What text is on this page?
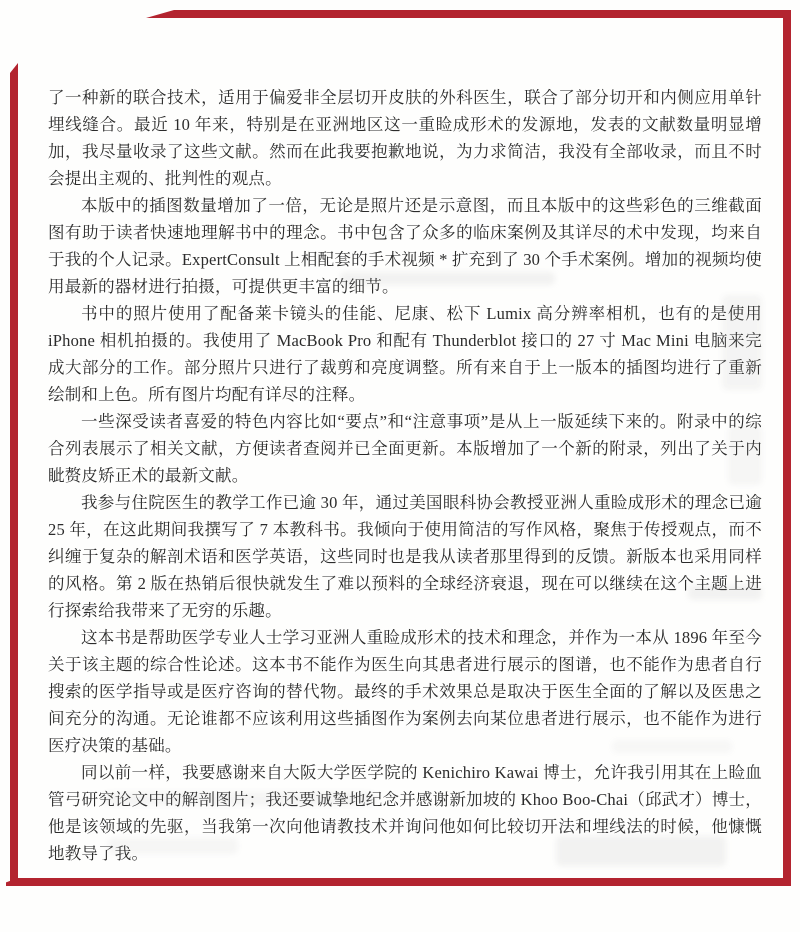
了一种新的联合技术，适用于偏爱非全层切开皮肤的外科医生，联合了部分切开和内侧应用单针埋线缝合。最近 10 年来，特别是在亚洲地区这一重睑成形术的发源地，发表的文献数量明显增加，我尽量收录了这些文献。然而在此我要抱歉地说，为力求简洁，我没有全部收录，而且不时会提出主观的、批判性的观点。

本版中的插图数量增加了一倍，无论是照片还是示意图，而且本版中的这些彩色的三维截面图有助于读者快速地理解书中的理念。书中包含了众多的临床案例及其详尽的术中发现，均来自于我的个人记录。ExpertConsult 上相配套的手术视频 * 扩充到了 30 个手术案例。增加的视频均使用最新的器材进行拍摄，可提供更丰富的细节。

书中的照片使用了配备莱卡镜头的佳能、尼康、松下 Lumix 高分辨率相机，也有的是使用 iPhone 相机拍摄的。我使用了 MacBook Pro 和配有 Thunderblot 接口的 27 寸 Mac Mini 电脑来完成大部分的工作。部分照片只进行了裁剪和亮度调整。所有来自于上一版本的插图均进行了重新绘制和上色。所有图片均配有详尽的注释。

一些深受读者喜爱的特色内容比如“要点”和“注意事项”是从上一版延续下来的。附录中的综合列表展示了相关文献，方便读者查阅并已全面更新。本版增加了一个新的附录，列出了关于内眦赘皮矫正术的最新文献。

我参与住院医生的教学工作已逾 30 年，通过美国眼科协会教授亚洲人重睑成形术的理念已逾 25 年，在这此期间我撰写了 7 本教科书。我倾向于使用简洁的写作风格，聚焦于传授观点，而不纠缠于复杂的解剖术语和医学英语，这些同时也是我从读者那里得到的反馈。新版本也采用同样的风格。第 2 版在热销后很快就发生了难以预料的全球经济衰退，现在可以继续在这个主题上进行探索给我带来了无穷的乐趣。

这本书是帮助医学专业人士学习亚洲人重睑成形术的技术和理念，并作为一本从 1896 年至今关于该主题的综合性论述。这本书不能作为医生向其患者进行展示的图谱，也不能作为患者自行搜索的医学指导或是医疗咨询的替代物。最终的手术效果总是取决于医生全面的了解以及医患之间充分的沟通。无论谁都不应该利用这些插图作为案例去向某位患者进行展示，也不能作为进行医疗决策的基础。

同以前一样，我要感谢来自大阪大学医学院的 Kenichiro Kawai 博士，允许我引用其在上睑血管弓研究论文中的解剖图片；我还要诚挚地纪念并感谢新加坡的 Khoo Boo-Chai（邱武才）博士，他是该领域的先驱，当我第一次向他请教技术并询问他如何比较切开法和埋线法的时候，他慷慨地教导了我。
